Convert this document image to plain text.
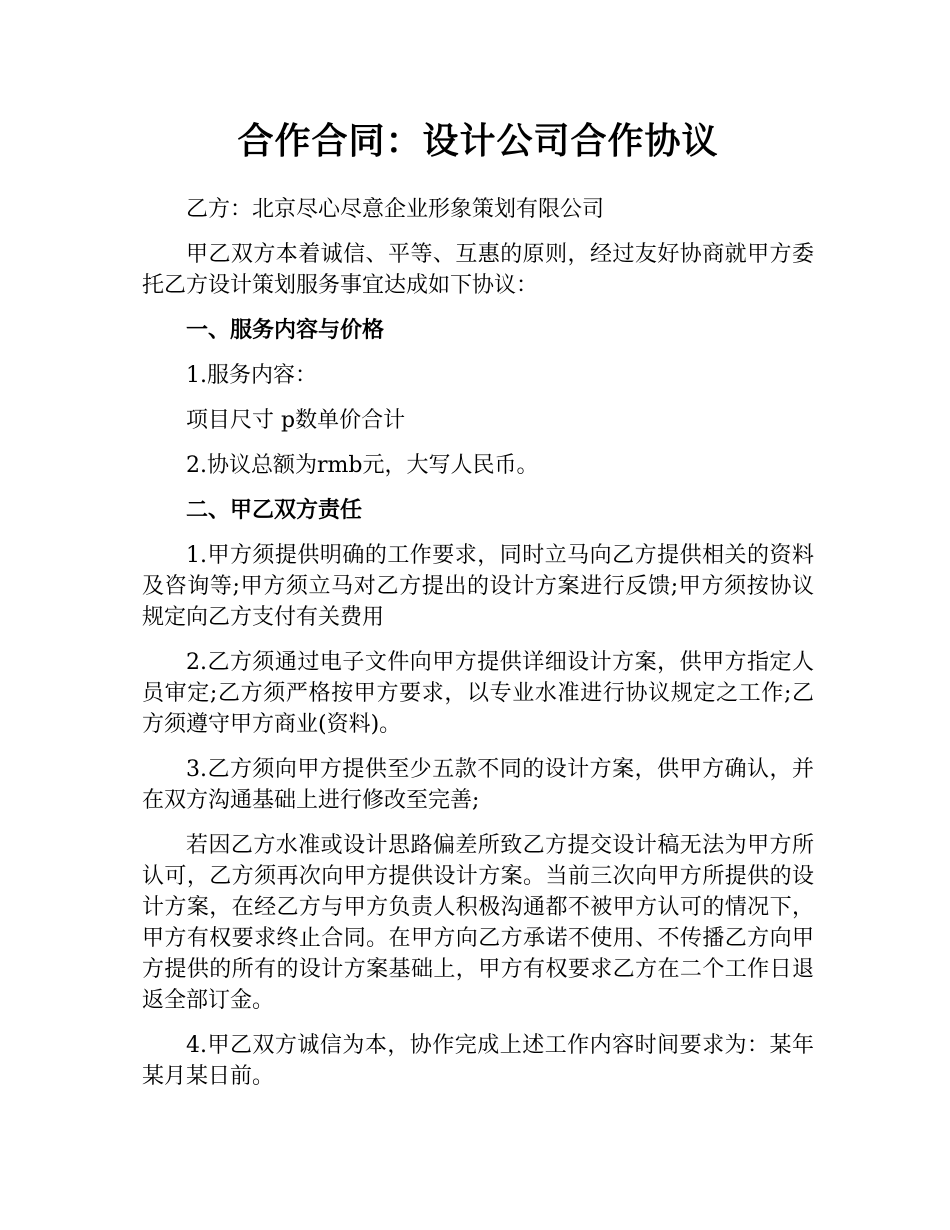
合作合同：设计公司合作协议

乙方：北京尽心尽意企业形象策划有限公司

甲乙双方本着诚信、平等、互惠的原则，经过友好协商就甲方委托乙方设计策划服务事宜达成如下协议：

一、服务内容与价格

1.服务内容：

项目尺寸 p数单价合计

2.协议总额为rmb元，大写人民币。

二、甲乙双方责任

1.甲方须提供明确的工作要求，同时立马向乙方提供相关的资料及咨询等;甲方须立马对乙方提出的设计方案进行反馈;甲方须按协议规定向乙方支付有关费用

2.乙方须通过电子文件向甲方提供详细设计方案，供甲方指定人员审定;乙方须严格按甲方要求，以专业水准进行协议规定之工作;乙方须遵守甲方商业(资料)。

3.乙方须向甲方提供至少五款不同的设计方案，供甲方确认，并在双方沟通基础上进行修改至完善;

若因乙方水准或设计思路偏差所致乙方提交设计稿无法为甲方所认可，乙方须再次向甲方提供设计方案。当前三次向甲方所提供的设计方案，在经乙方与甲方负责人积极沟通都不被甲方认可的情况下，甲方有权要求终止合同。在甲方向乙方承诺不使用、不传播乙方向甲方提供的所有的设计方案基础上，甲方有权要求乙方在二个工作日退返全部订金。

4.甲乙双方诚信为本，协作完成上述工作内容时间要求为：某年某月某日前。
